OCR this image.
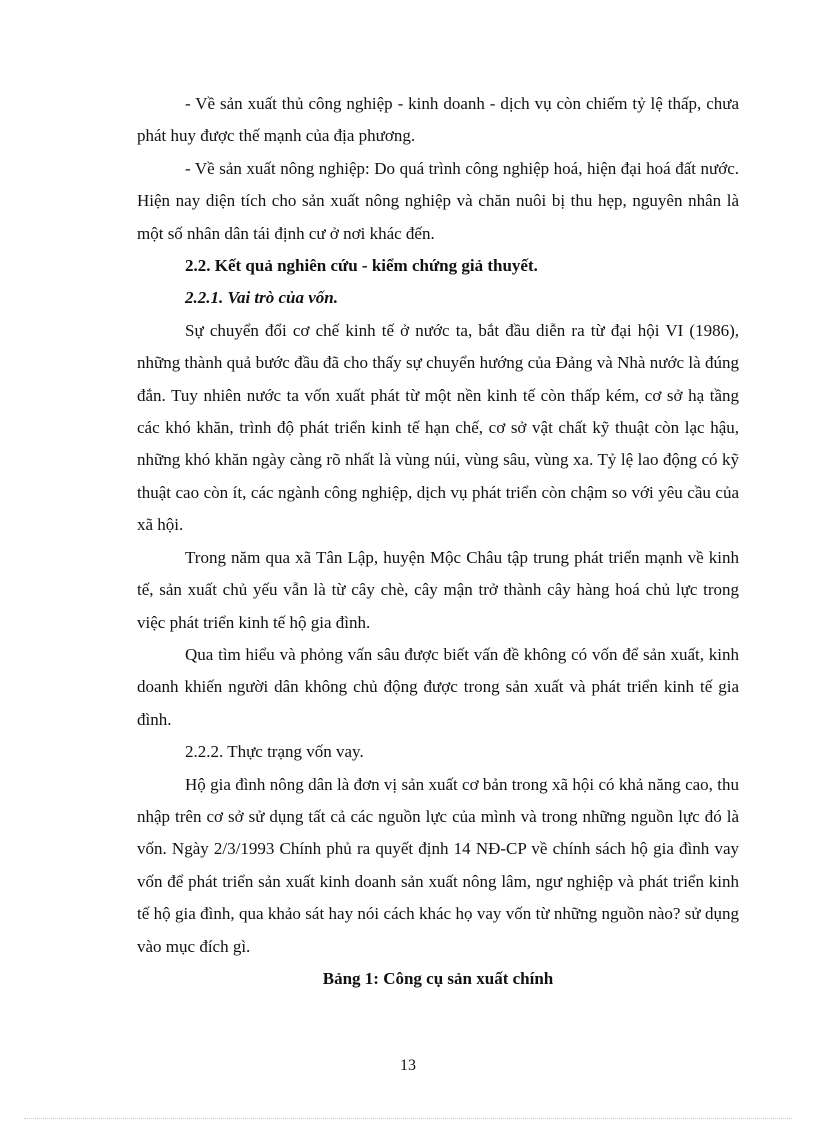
- Về sản xuất thủ công nghiệp - kinh doanh - dịch vụ còn chiếm tỷ lệ thấp, chưa phát huy được thế mạnh của địa phương.

- Về sản xuất nông nghiệp: Do quá trình công nghiệp hoá, hiện đại hoá đất nước. Hiện nay diện tích cho sản xuất nông nghiệp và chăn nuôi bị thu hẹp, nguyên nhân là một số nhân dân tái định cư ở nơi khác đến.

2.2. Kết quả nghiên cứu - kiểm chứng giả thuyết.

2.2.1. Vai trò của vốn.

Sự chuyển đổi cơ chế kinh tế ở nước ta, bắt đầu diễn ra từ đại hội VI (1986), những thành quả bước đầu đã cho thấy sự chuyển hướng của Đảng và Nhà nước là đúng đắn. Tuy nhiên nước ta vốn xuất phát từ một nền kinh tế còn thấp kém, cơ sở hạ tầng các khó khăn, trình độ phát triển kinh tế hạn chế, cơ sở vật chất kỹ thuật còn lạc hậu, những khó khăn ngày càng rõ nhất là vùng núi, vùng sâu, vùng xa. Tỷ lệ lao động có kỹ thuật cao còn ít, các ngành công nghiệp, dịch vụ phát triển còn chậm so với yêu cầu của xã hội.

Trong năm qua xã Tân Lập, huyện Mộc Châu tập trung phát triển mạnh về kinh tế, sản xuất chủ yếu vẫn là từ cây chè, cây mận trở thành cây hàng hoá chủ lực trong việc phát triển kinh tế hộ gia đình.

Qua tìm hiểu và phỏng vấn sâu được biết vấn đề không có vốn để sản xuất, kinh doanh khiến người dân không chủ động được trong sản xuất và phát triển kinh tế gia đình.

2.2.2. Thực trạng vốn vay.

Hộ gia đình nông dân là đơn vị sản xuất cơ bản trong xã hội có khả năng cao, thu nhập trên cơ sở sử dụng tất cả các nguồn lực của mình và trong những nguồn lực đó là vốn. Ngày 2/3/1993 Chính phủ ra quyết định 14 NĐ-CP về chính sách hộ gia đình vay vốn để phát triển sản xuất kinh doanh sản xuất nông lâm, ngư nghiệp và phát triển kinh tế hộ gia đình, qua khảo sát hay nói cách khác họ vay vốn từ những nguồn nào? sử dụng vào mục đích gì.

Bảng 1: Công cụ sản xuất chính

13
